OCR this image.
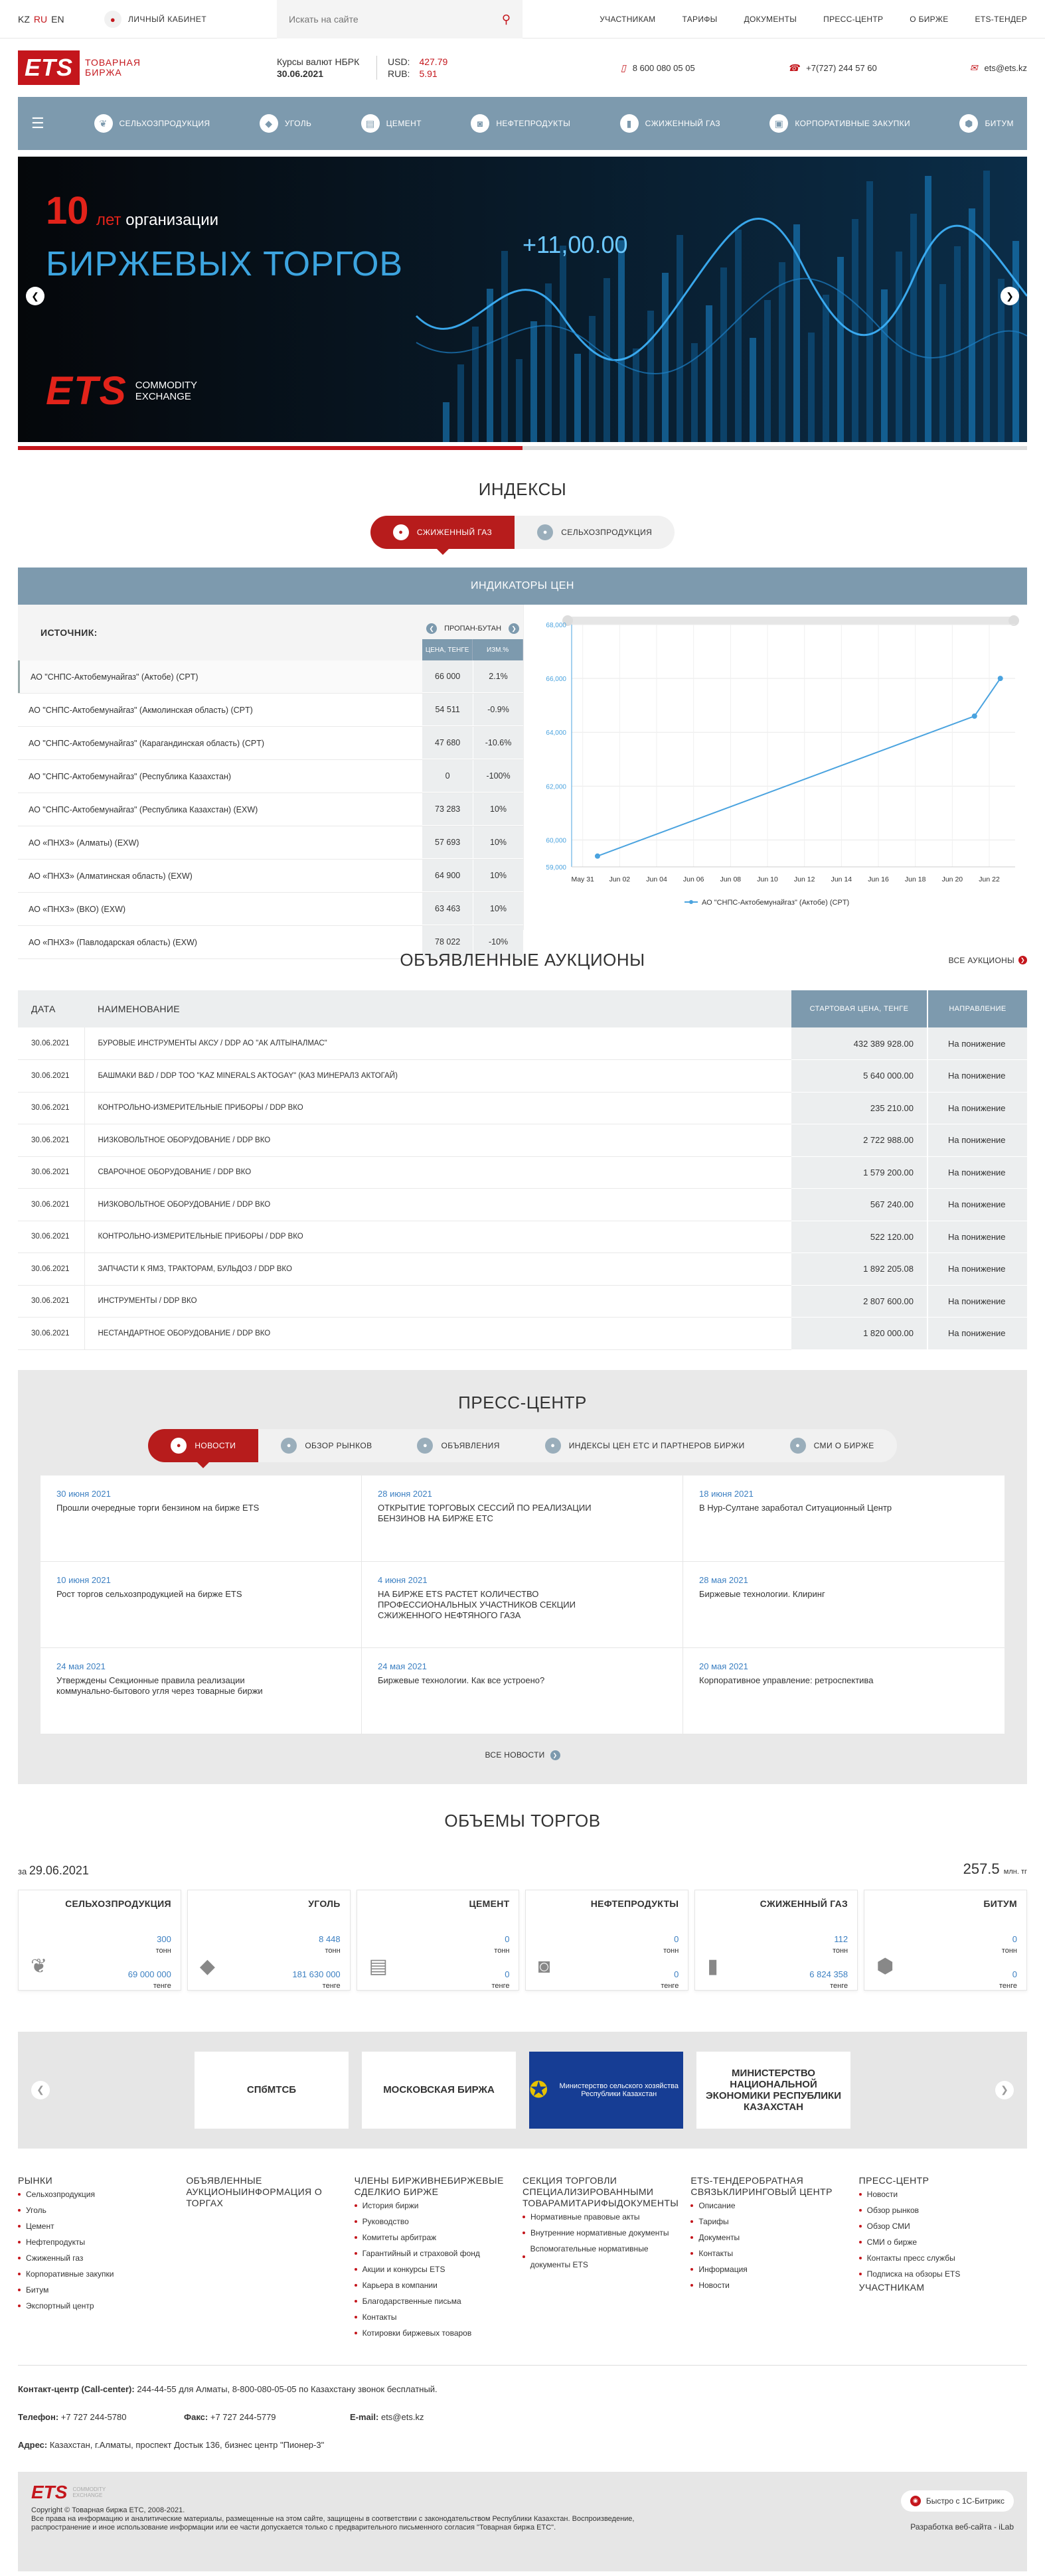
KZ RU EN	●	ЛИЧНЫЙ КАБИНЕТ
Искать на сайте	⚲	УЧАСТНИКАМ	ТАРИФЫ	ДОКУМЕНТЫ	ПРЕСС-ЦЕНТР	О БИРЖЕ	ETS-ТЕНДЕР
ETS	ТОВАРНАЯ
БИРЖА
Курсы валют НБРК
30.06.2021
USD: 427.79
RUB: 5.91
▯ 8 600 080 05 05	☎ +7(727) 244 57 60	✉ ets@ets.kz
☰	❦	СЕЛЬХОЗПРОДУКЦИЯ	◆	УГОЛЬ	▤	ЦЕМЕНТ	◙	НЕФТЕПРОДУКТЫ	▮	СЖИЖЕННЫЙ ГАЗ	▣	КОРПОРАТИВНЫЕ ЗАКУПКИ	⬢	БИТУМ
10 лет организации
БИРЖЕВЫХ ТОРГОВ
+11,00.00
ETS COMMODITY
EXCHANGE
❮	❯
ИНДЕКСЫ
●	СЖИЖЕННЫЙ ГАЗ	●	СЕЛЬХОЗПРОДУКЦИЯ
ИНДИКАТОРЫ ЦЕН
ИСТОЧНИК:	❮	ПРОПАН-БУТАН	❯
ЦЕНА, ТЕНГЕ	ИЗМ.%
АО "СНПС-Актобемунайгаз" (Актобе) (CPT)	66 000	2.1%
АО "СНПС-Актобемунайгаз" (Акмолинская область) (CPT)	54 511	-0.9%
АО "СНПС-Актобемунайгаз" (Карагандинская область) (CPT)	47 680	-10.6%
АО "СНПС-Актобемунайгаз" (Республика Казахстан)	0	-100%
АО "СНПС-Актобемунайгаз" (Республика Казахстан) (EXW)	73 283	10%
АО «ПНХЗ» (Алматы) (EXW)	57 693	10%
АО «ПНХЗ» (Алматинская область) (EXW)	64 900	10%
АО «ПНХЗ» (ВКО) (EXW)	63 463	10%
АО «ПНХЗ» (Павлодарская область) (EXW)	78 022	-10%
59,000
60,000
62,000
64,000
66,000
68,000
May 31 Jun 02 Jun 04 Jun 06 Jun 08 Jun 10 Jun 12 Jun 14 Jun 16 Jun 18 Jun 20 Jun 22
АО "СНПС-Актобемунайгаз" (Актобе) (CPT)
ОБЪЯВЛЕННЫЕ АУКЦИОНЫ	ВСЕ АУКЦИОНЫ	❯
ДАТА	НАИМЕНОВАНИЕ	СТАРТОВАЯ ЦЕНА, ТЕНГЕ	НАПРАВЛЕНИЕ
30.06.2021	БУРОВЫЕ ИНСТРУМЕНТЫ АКСУ / DDP АО "АК АЛТЫНАЛМАС"	432 389 928.00	На понижение
30.06.2021	БАШМАКИ B&D / DDP ТОО "KAZ MINERALS AKTOGAY" (КАЗ МИНЕРАЛЗ АКТОГАЙ)	5 640 000.00	На понижение
30.06.2021	КОНТРОЛЬНО-ИЗМЕРИТЕЛЬНЫЕ ПРИБОРЫ / DDP ВКО	235 210.00	На понижение
30.06.2021	НИЗКОВОЛЬТНОЕ ОБОРУДОВАНИЕ / DDP ВКО	2 722 988.00	На понижение
30.06.2021	СВАРОЧНОЕ ОБОРУДОВАНИЕ / DDP ВКО	1 579 200.00	На понижение
30.06.2021	НИЗКОВОЛЬТНОЕ ОБОРУДОВАНИЕ / DDP ВКО	567 240.00	На понижение
30.06.2021	КОНТРОЛЬНО-ИЗМЕРИТЕЛЬНЫЕ ПРИБОРЫ / DDP ВКО	522 120.00	На понижение
30.06.2021	ЗАПЧАСТИ К ЯМЗ, ТРАКТОРАМ, БУЛЬДОЗ / DDP ВКО	1 892 205.08	На понижение
30.06.2021	ИНСТРУМЕНТЫ / DDP ВКО	2 807 600.00	На понижение
30.06.2021	НЕСТАНДАРТНОЕ ОБОРУДОВАНИЕ / DDP ВКО	1 820 000.00	На понижение
ПРЕСС-ЦЕНТР
●	НОВОСТИ	●	ОБЗОР РЫНКОВ	●	ОБЪЯВЛЕНИЯ	●	ИНДЕКСЫ ЦЕН ЕТС И ПАРТНЕРОВ БИРЖИ	●	СМИ О БИРЖЕ
30 июня 2021
Прошли очередные торги бензином на бирже ETS
28 июня 2021
ОТКРЫТИЕ ТОРГОВЫХ СЕССИЙ ПО РЕАЛИЗАЦИИ БЕНЗИНОВ НА БИРЖЕ ЕТС
18 июня 2021
В Нур-Султане заработал Ситуационный Центр
10 июня 2021
Рост торгов сельхозпродукцией на бирже ETS
4 июня 2021
НА БИРЖЕ ETS РАСТЕТ КОЛИЧЕСТВО ПРОФЕССИОНАЛЬНЫХ УЧАСТНИКОВ СЕКЦИИ СЖИЖЕННОГО НЕФТЯНОГО ГАЗА
28 мая 2021
Биржевые технологии. Клиринг
24 мая 2021
Утверждены Секционные правила реализации коммунально-бытового угля через товарные биржи
24 мая 2021
Биржевые технологии. Как все устроено?
20 мая 2021
Корпоративное управление: ретроспектива
ВСЕ НОВОСТИ	❯
ОБЪЕМЫ ТОРГОВ
за 29.06.2021	257.5 млн. тг
СЕЛЬХОЗПРОДУКЦИЯ
300
тонн
69 000 000
тенге
❦
УГОЛЬ
8 448
тонн
181 630 000
тенге
◆
ЦЕМЕНТ
0
тонн
0
тенге
▤
НЕФТЕПРОДУКТЫ
0
тонн
0
тенге
◙
СЖИЖЕННЫЙ ГАЗ
112
тонн
6 824 358
тенге
▮
БИТУМ
0
тонн
0
тенге
⬢
СПбМТСБ	МОСКОВСКАЯ БИРЖА ✪	Министерство сельского хозяйства Республики Казахстан
МИНИСТЕРСТВО НАЦИОНАЛЬНОЙ ЭКОНОМИКИ РЕСПУБЛИКИ КАЗАХСТАН
❮	❯
РЫНКИ
Сельхозпродукция
Уголь
Цемент
Нефтепродукты
Сжиженный газ
Корпоративные закупки
Битум
Экспортный центр
ОБЪЯВЛЕННЫЕ АУКЦИОНЫИНФОРМАЦИЯ О ТОРГАХ
ЧЛЕНЫ БИРЖИВНЕБИРЖЕВЫЕ СДЕЛКИО БИРЖЕ
История биржи
Руководство
Комитеты арбитраж
Гарантийный и страховой фонд
Акции и конкурсы ETS
Карьера в компании
Благодарственные письма
Контакты
Котировки биржевых товаров
СЕКЦИЯ ТОРГОВЛИ СПЕЦИАЛИЗИРОВАННЫМИ ТОВАРАМИТАРИФЫДОКУМЕНТЫ
Нормативные правовые акты
Внутренние нормативные документы
Вспомогательные нормативные документы ETS
ETS-ТЕНДЕРОБРАТНАЯ СВЯЗЬКЛИРИНГОВЫЙ ЦЕНТР
Описание
Тарифы
Документы
Контакты
Информация
Новости
ПРЕСС-ЦЕНТР
Новости
Обзор рынков
Обзор СМИ
СМИ о бирже
Контакты пресс службы
Подписка на обзоры ETS
УЧАСТНИКАМ
Контакт-центр (Call-center): 244-44-55 для Алматы, 8-800-080-05-05 по Казахстану звонок бесплатный.
Телефон: +7 727 244-5780	Факс: +7 727 244-5779	E-mail: ets@ets.kz
Адрес: Казахстан, г.Алматы, проспект Достык 136, бизнес центр "Пионер-3"
ETS COMMODITY
EXCHANGE
Copyright © Товарная биржа ETC, 2008-2021.
Все права на информацию и аналитические материалы, размещенные на этом сайте, защищены в соответствии с законодательством Республики Казахстан. Воспроизведение, распространение и иное использование информации или ее части допускается только с предварительного письменного согласия "Товарная биржа ETC".
◉	Быстро с 1С-Битрикс
Разработка веб-сайта - iLab
